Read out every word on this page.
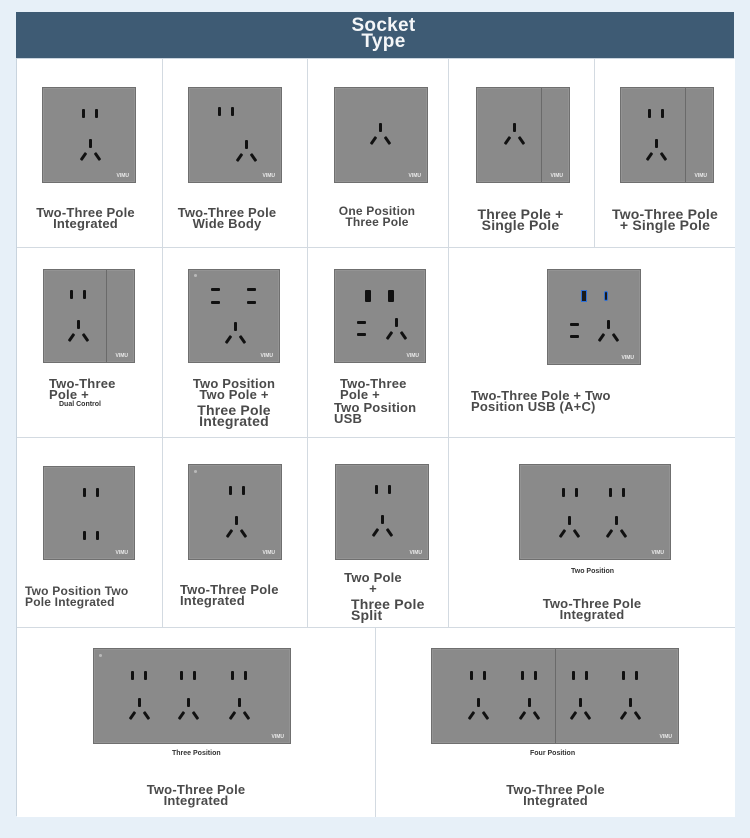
Socket
Type
VIMU
Two-Three Pole
Integrated
VIMU
Two-Three Pole
Wide Body
VIMU
One Position
Three Pole
VIMU
Three Pole +
Single Pole
VIMU
Two-Three Pole
+ Single Pole
VIMU
Two-Three
Pole +
Dual Control
VIMU
Two Position
Two Pole +
Three Pole
Integrated
VIMU
Two-Three
Pole +
Two Position
USB
VIMU
Two-Three Pole + Two
Position USB (A+C)
VIMU
Two Position Two
Pole Integrated
VIMU
Two-Three Pole
Integrated
VIMU
Two Pole
+
Three Pole
Split
VIMU
Two Position
Two-Three Pole
Integrated
VIMU
Three Position
Two-Three Pole
Integrated
VIMU
Four Position
Two-Three Pole
Integrated
